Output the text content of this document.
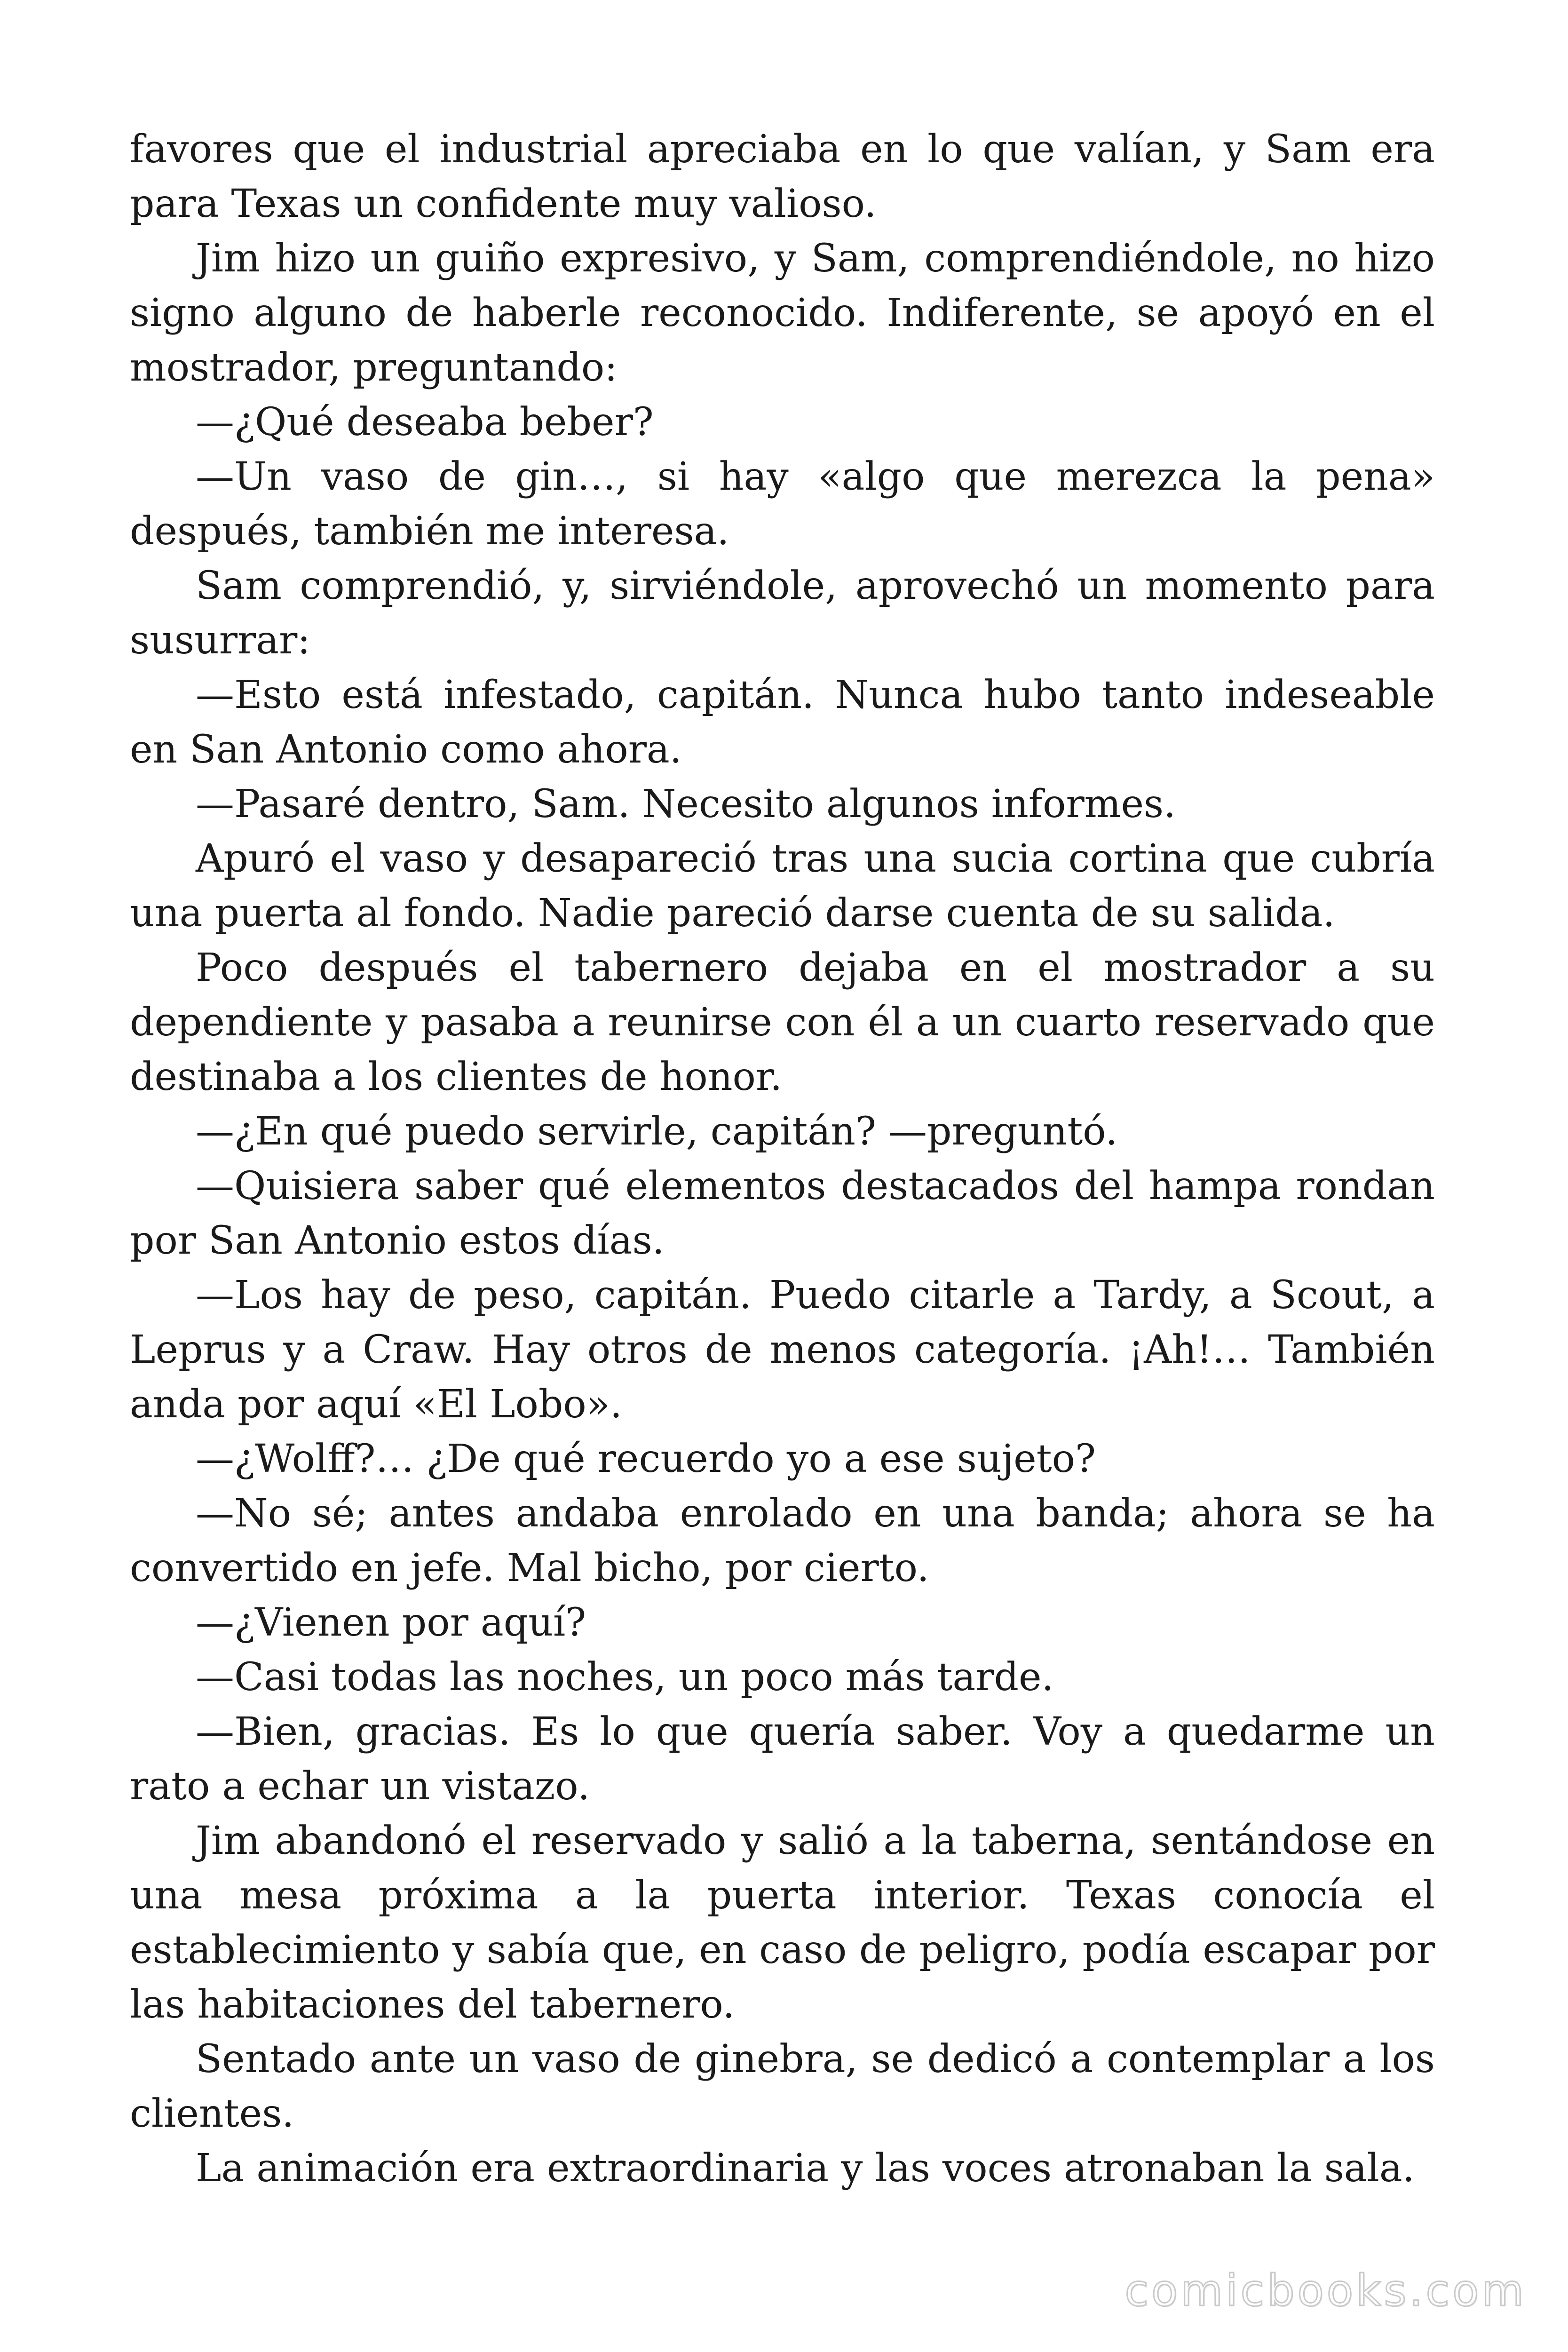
favores que el industrial apreciaba en lo que valían, y Sam era para Texas un confidente muy valioso.

Jim hizo un guiño expresivo, y Sam, comprendiéndole, no hizo signo alguno de haberle reconocido. Indiferente, se apoyó en el mostrador, preguntando:

—¿Qué deseaba beber?

—Un vaso de gin…, si hay «algo que merezca la pena» después, también me interesa.

Sam comprendió, y, sirviéndole, aprovechó un momento para susurrar:

—Esto está infestado, capitán. Nunca hubo tanto indeseable en San Antonio como ahora.

—Pasaré dentro, Sam. Necesito algunos informes.

Apuró el vaso y desapareció tras una sucia cortina que cubría una puerta al fondo. Nadie pareció darse cuenta de su salida.

Poco después el tabernero dejaba en el mostrador a su dependiente y pasaba a reunirse con él a un cuarto reservado que destinaba a los clientes de honor.

—¿En qué puedo servirle, capitán? —preguntó.

—Quisiera saber qué elementos destacados del hampa rondan por San Antonio estos días.

—Los hay de peso, capitán. Puedo citarle a Tardy, a Scout, a Leprus y a Craw. Hay otros de menos categoría. ¡Ah!… También anda por aquí «El Lobo».

—¿Wolff?… ¿De qué recuerdo yo a ese sujeto?

—No sé; antes andaba enrolado en una banda; ahora se ha convertido en jefe. Mal bicho, por cierto.

—¿Vienen por aquí?

—Casi todas las noches, un poco más tarde.

—Bien, gracias. Es lo que quería saber. Voy a quedarme un rato a echar un vistazo.

Jim abandonó el reservado y salió a la taberna, sentándose en una mesa próxima a la puerta interior. Texas conocía el establecimiento y sabía que, en caso de peligro, podía escapar por las habitaciones del tabernero.

Sentado ante un vaso de ginebra, se dedicó a contemplar a los clientes.

La animación era extraordinaria y las voces atronaban la sala.

comicbooks.com
